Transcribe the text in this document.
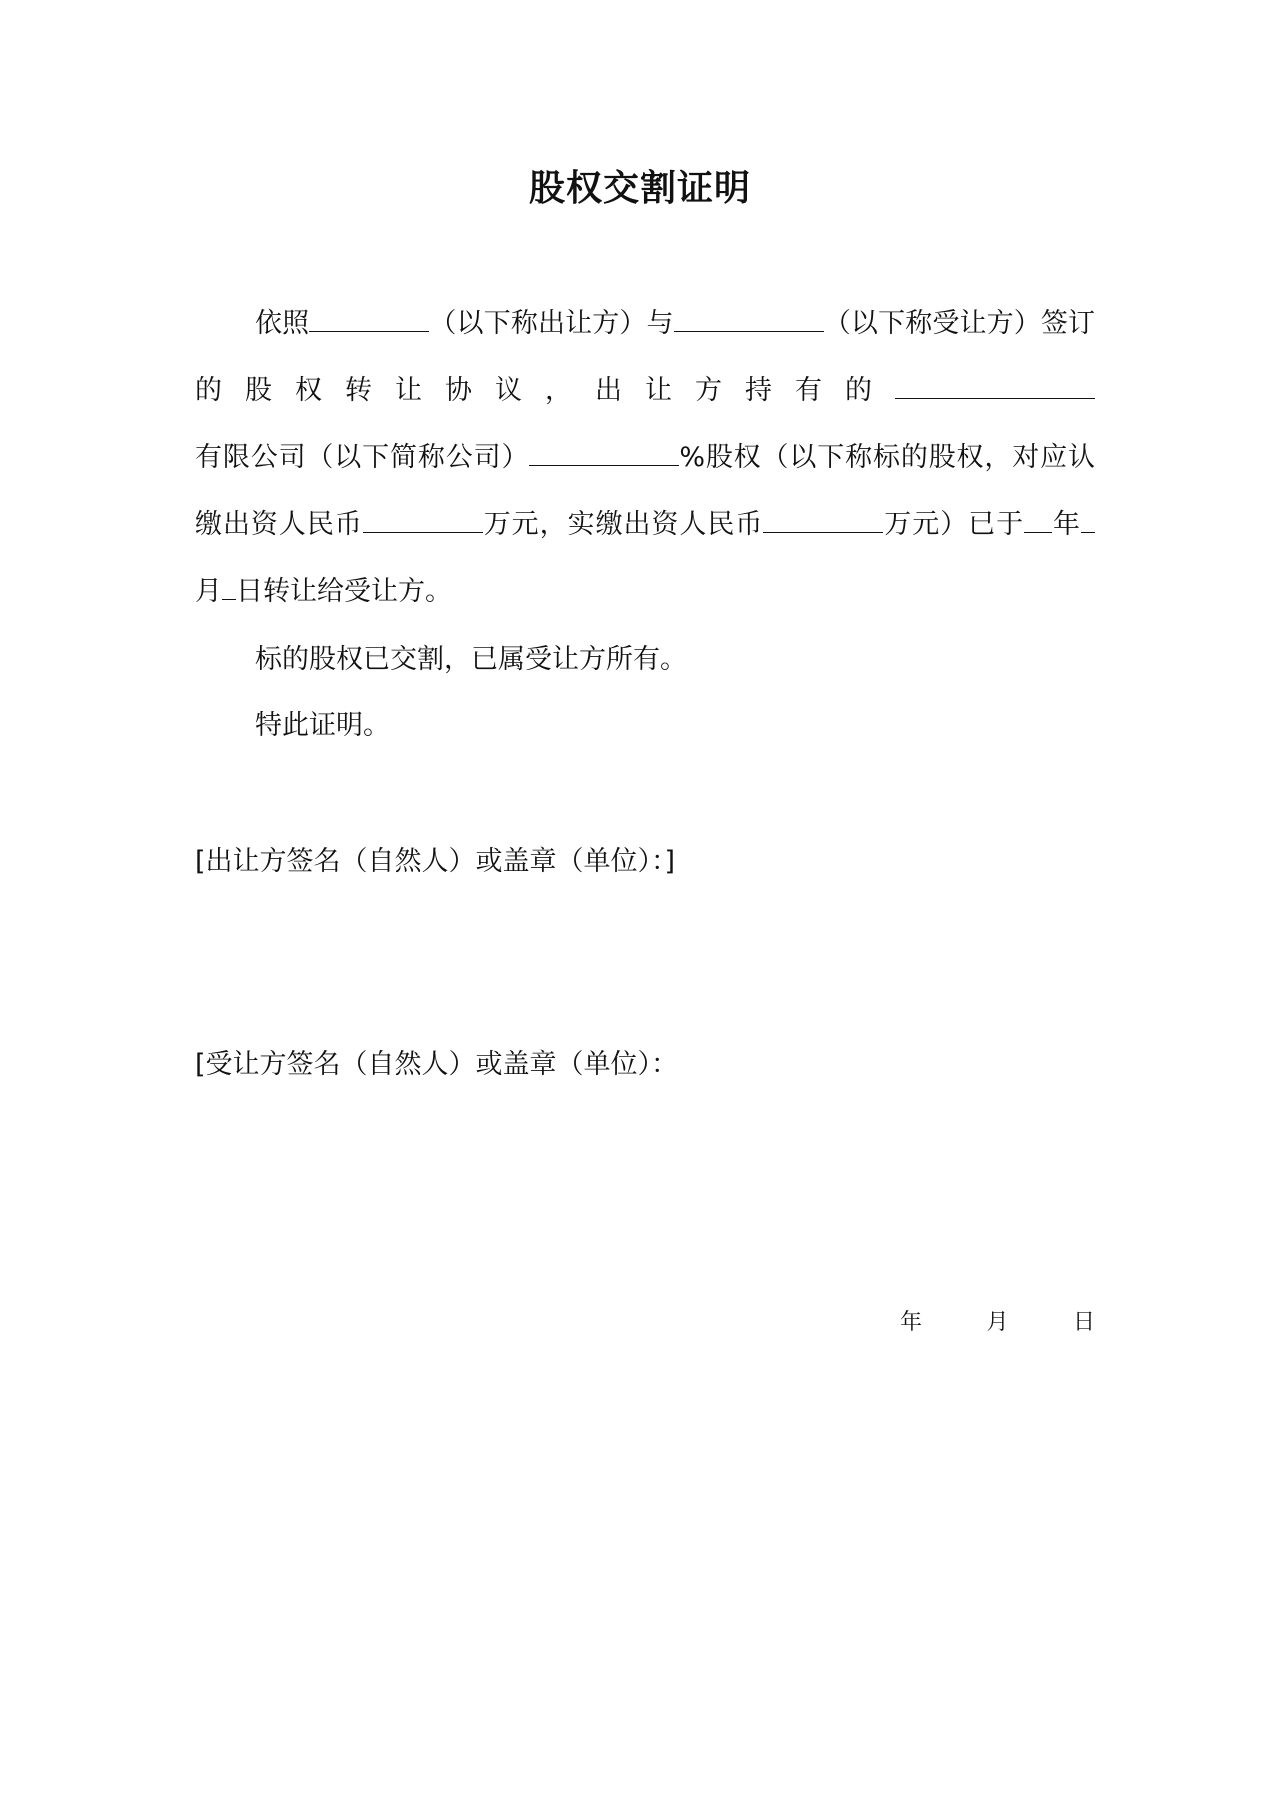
股权交割证明
依照	（以下称出让方）与	（以下称受让方）签订的股权转让协议，出让方持有的有限公司（以下简称公司）	%股权（以下称标的股权，对应认缴出资人民币	万元，实缴出资人民币	万元）已于 年月 日转让给受让方。
标的股权已交割，已属受让方所有。
特此证明。
[出让方签名（自然人）或盖章（单位）：]
[受让方签名（自然人）或盖章（单位）：
年	月	日
